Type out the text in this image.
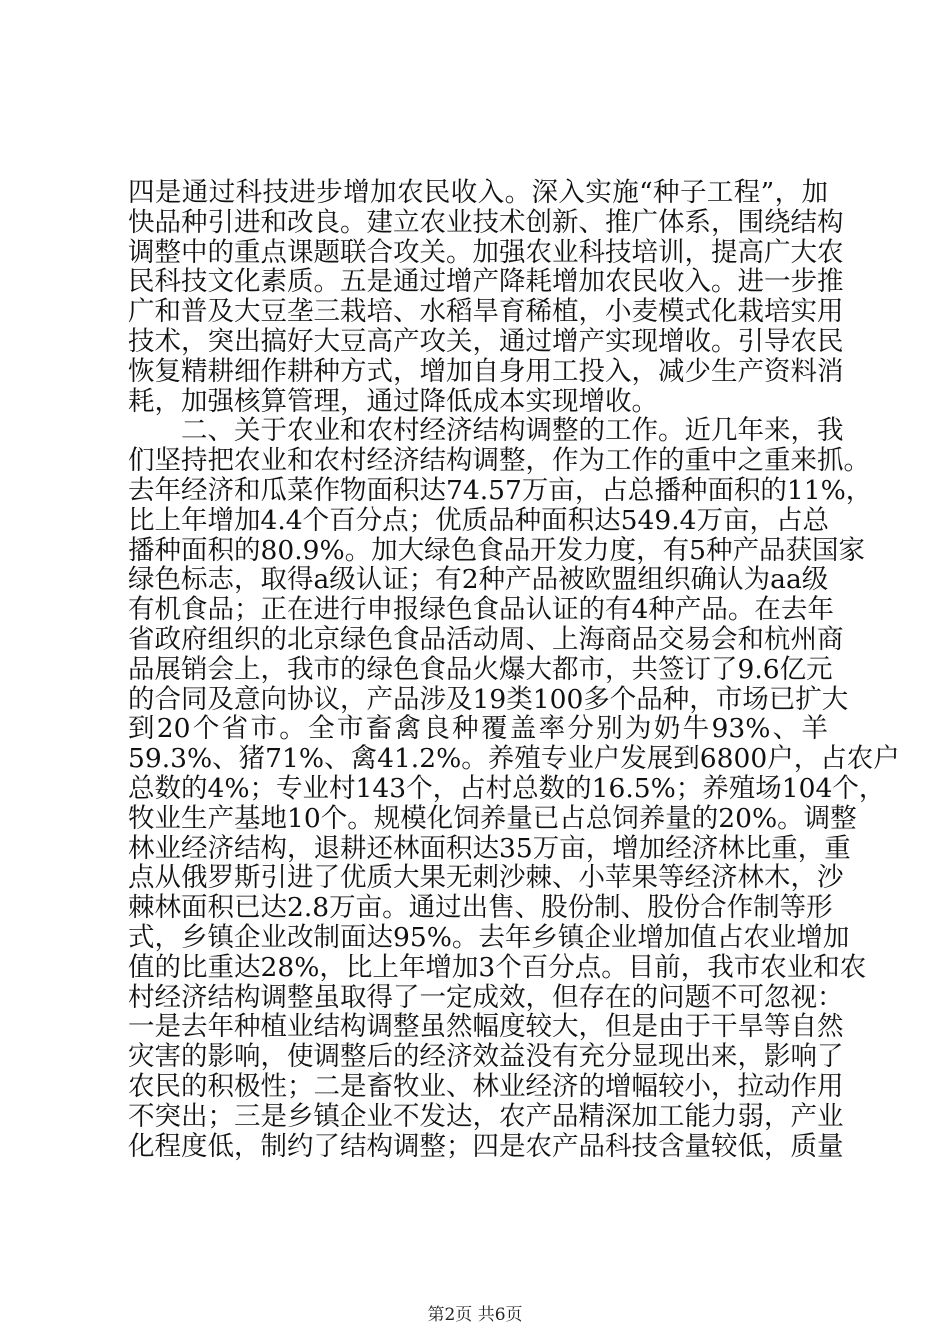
四是通过科技进步增加农民收入。深入实施“种子工程”，加
快品种引进和改良。建立农业技术创新、推广体系，围绕结构
调整中的重点课题联合攻关。加强农业科技培训，提高广大农
民科技文化素质。五是通过增产降耗增加农民收入。进一步推
广和普及大豆垄三栽培、水稻旱育稀植，小麦模式化栽培实用
技术，突出搞好大豆高产攻关，通过增产实现增收。引导农民
恢复精耕细作耕种方式，增加自身用工投入，减少生产资料消
耗，加强核算管理，通过降低成本实现增收。
二、关于农业和农村经济结构调整的工作。近几年来，我
们坚持把农业和农村经济结构调整，作为工作的重中之重来抓。
去年经济和瓜菜作物面积达74.57万亩，占总播种面积的11%，
比上年增加4.4个百分点；优质品种面积达549.4万亩，占总
播种面积的80.9%。加大绿色食品开发力度，有5种产品获国家
绿色标志，取得a级认证；有2种产品被欧盟组织确认为aa级
有机食品；正在进行申报绿色食品认证的有4种产品。在去年
省政府组织的北京绿色食品活动周、上海商品交易会和杭州商
品展销会上，我市的绿色食品火爆大都市，共签订了9.6亿元
的合同及意向协议，产品涉及19类100多个品种，市场已扩大
到20个省市。全市畜禽良种覆盖率分别为奶牛93%、羊
59.3%、猪71%、禽41.2%。养殖专业户发展到6800户，占农户
总数的4%；专业村143个，占村总数的16.5%；养殖场104个，
牧业生产基地10个。规模化饲养量已占总饲养量的20%。调整
林业经济结构，退耕还林面积达35万亩，增加经济林比重，重
点从俄罗斯引进了优质大果无刺沙棘、小苹果等经济林木，沙
棘林面积已达2.8万亩。通过出售、股份制、股份合作制等形
式，乡镇企业改制面达95%。去年乡镇企业增加值占农业增加
值的比重达28%，比上年增加3个百分点。目前，我市农业和农
村经济结构调整虽取得了一定成效，但存在的问题不可忽视：
一是去年种植业结构调整虽然幅度较大，但是由于干旱等自然
灾害的影响，使调整后的经济效益没有充分显现出来，影响了
农民的积极性；二是畜牧业、林业经济的增幅较小，拉动作用
不突出；三是乡镇企业不发达，农产品精深加工能力弱，产业
化程度低，制约了结构调整；四是农产品科技含量较低，质量
第2页 共6页
